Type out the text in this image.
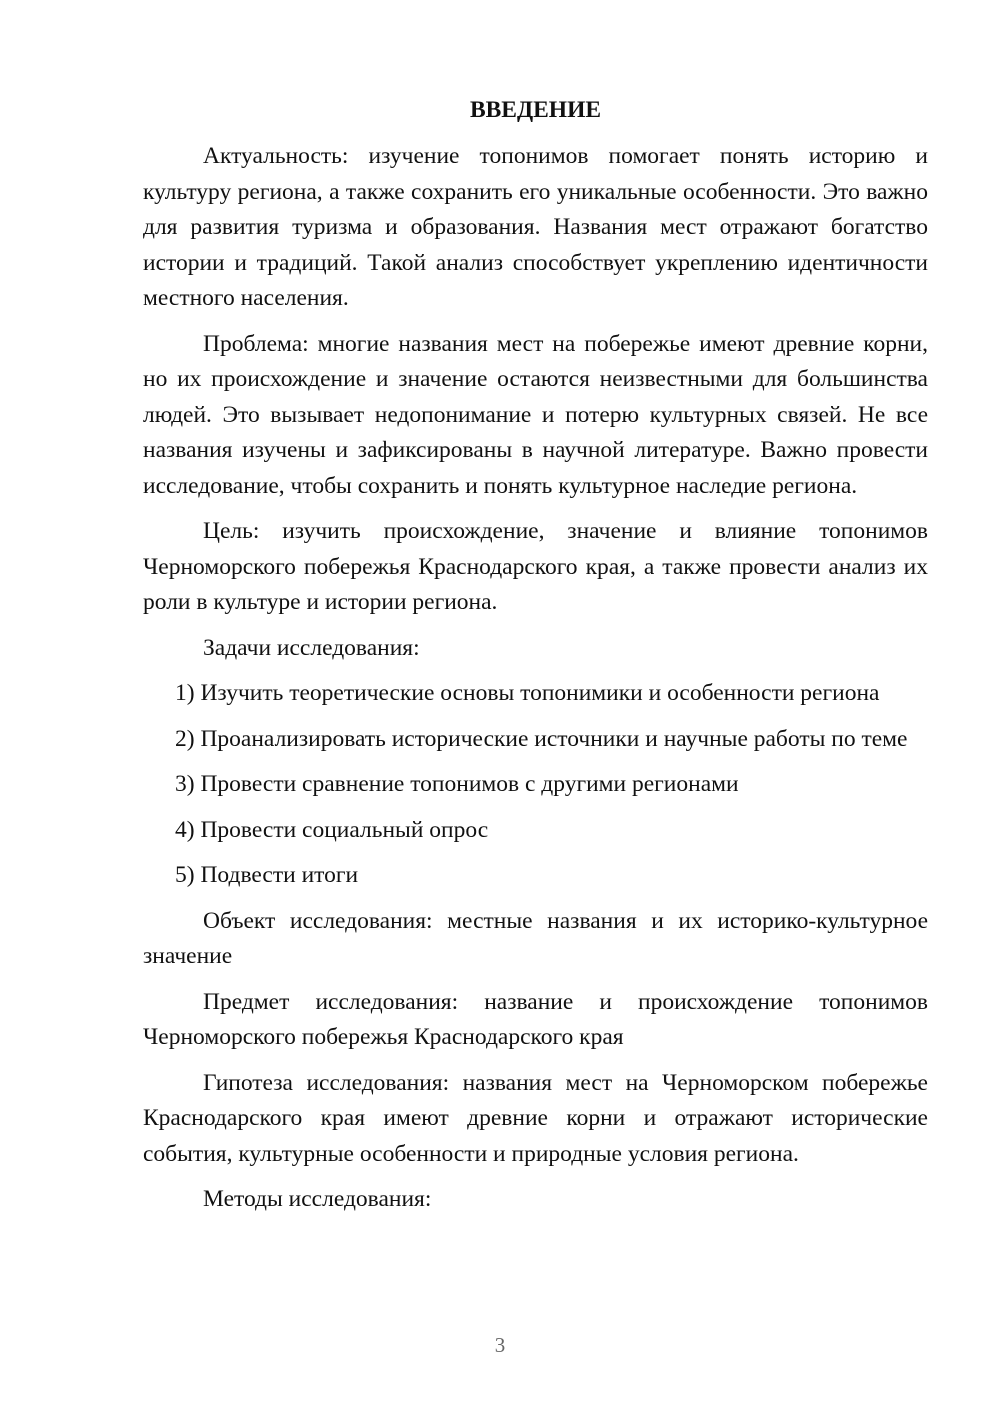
ВВЕДЕНИЕ

Актуальность: изучение топонимов помогает понять историю и культуру региона, а также сохранить его уникальные особенности. Это важно для развития туризма и образования. Названия мест отражают богатство истории и традиций. Такой анализ способствует укреплению идентичности местного населения.

Проблема: многие названия мест на побережье имеют древние корни, но их происхождение и значение остаются неизвестными для большинства людей. Это вызывает недопонимание и потерю культурных связей. Не все названия изучены и зафиксированы в научной литературе. Важно провести исследование, чтобы сохранить и понять культурное наследие региона.

Цель: изучить происхождение, значение и влияние топонимов Черноморского побережья Краснодарского края, а также провести анализ их роли в культуре и истории региона.

Задачи исследования:

1) Изучить теоретические основы топонимики и особенности региона

2) Проанализировать исторические источники и научные работы по теме

3) Провести сравнение топонимов с другими регионами

4) Провести социальный опрос

5) Подвести итоги

Объект исследования: местные названия и их историко-культурное значение

Предмет исследования: название и происхождение топонимов Черноморского побережья Краснодарского края

Гипотеза исследования: названия мест на Черноморском побережье Краснодарского края имеют древние корни и отражают исторические события, культурные особенности и природные условия региона.

Методы исследования:

3
